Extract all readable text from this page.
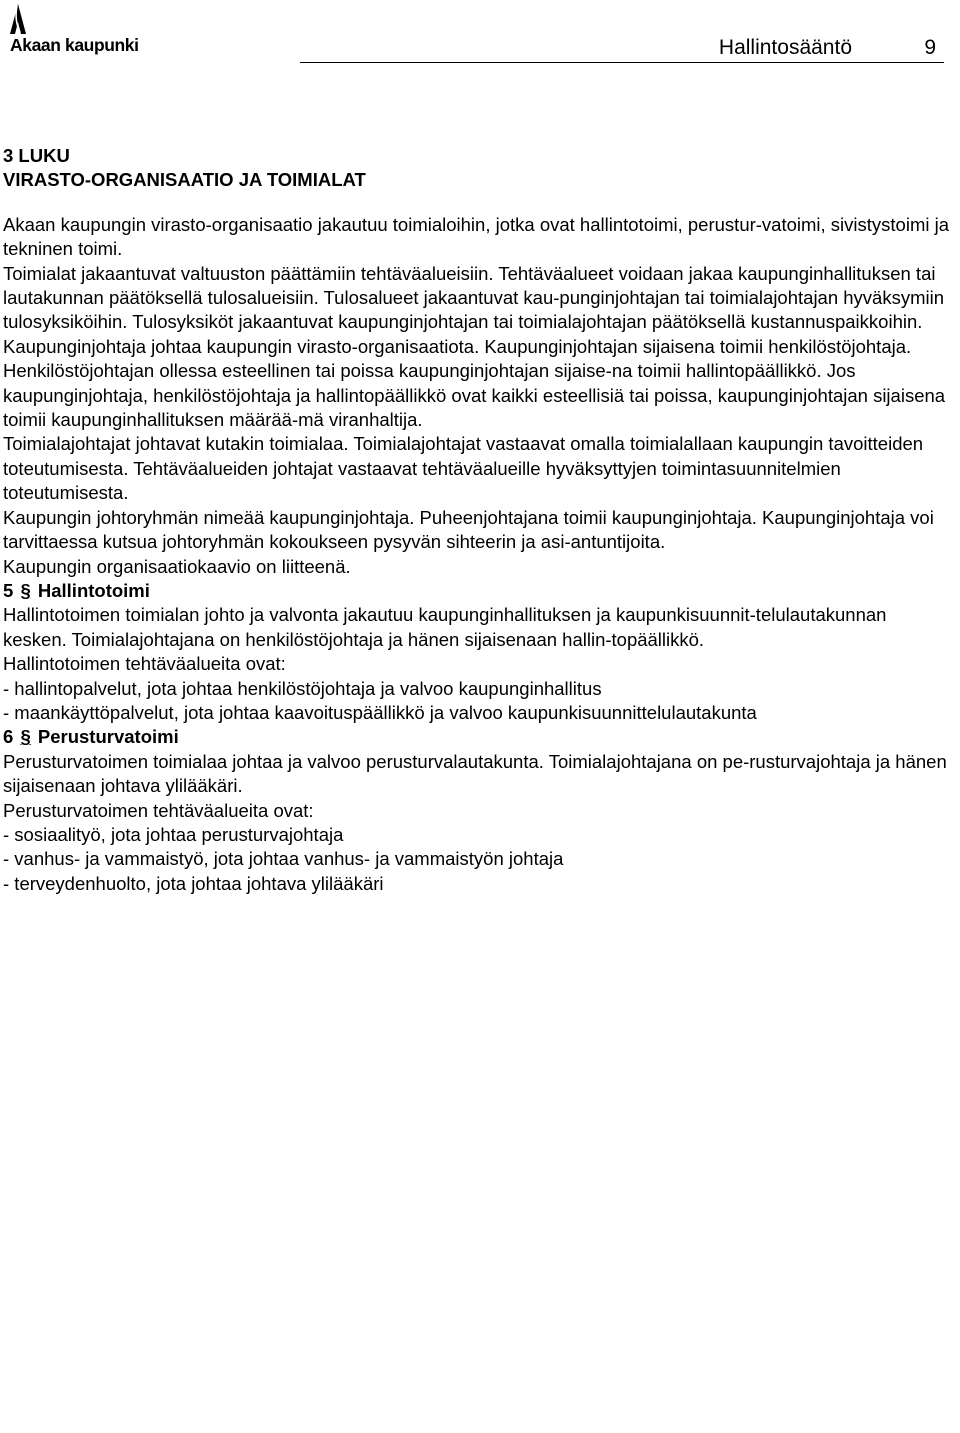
Akaan kaupunki	Hallintosääntö	9

3 LUKU

VIRASTO-ORGANISAATIO JA TOIMIALAT

Akaan kaupungin virasto-organisaatio jakautuu toimialoihin, jotka ovat hallintotoimi, perustur-vatoimi, sivistystoimi ja tekninen toimi.

Toimialat jakaantuvat valtuuston päättämiin tehtäväalueisiin. Tehtäväalueet voidaan jakaa kaupunginhallituksen tai lautakunnan päätöksellä tulosalueisiin. Tulosalueet jakaantuvat kau-punginjohtajan tai toimialajohtajan hyväksymiin tulosyksiköihin. Tulosyksiköt jakaantuvat kaupunginjohtajan tai toimialajohtajan päätöksellä kustannuspaikkoihin.

Kaupunginjohtaja johtaa kaupungin virasto-organisaatiota. Kaupunginjohtajan sijaisena toimii henkilöstöjohtaja. Henkilöstöjohtajan ollessa esteellinen tai poissa kaupunginjohtajan sijaise-na toimii hallintopäällikkö. Jos kaupunginjohtaja, henkilöstöjohtaja ja hallintopäällikkö ovat kaikki esteellisiä tai poissa, kaupunginjohtajan sijaisena toimii kaupunginhallituksen määrää-mä viranhaltija.

Toimialajohtajat johtavat kutakin toimialaa. Toimialajohtajat vastaavat omalla toimialallaan kaupungin tavoitteiden toteutumisesta. Tehtäväalueiden johtajat vastaavat tehtäväalueille hyväksyttyjen toimintasuunnitelmien toteutumisesta.

Kaupungin johtoryhmän nimeää kaupunginjohtaja. Puheenjohtajana toimii kaupunginjohtaja. Kaupunginjohtaja voi tarvittaessa kutsua johtoryhmän kokoukseen pysyvän sihteerin ja asi-antuntijoita.

Kaupungin organisaatiokaavio on liitteenä.

5 § Hallintotoimi

Hallintotoimen toimialan johto ja valvonta jakautuu kaupunginhallituksen ja kaupunkisuunnit-telulautakunnan kesken. Toimialajohtajana on henkilöstöjohtaja ja hänen sijaisenaan hallin-topäällikkö.

Hallintotoimen tehtäväalueita ovat:

- hallintopalvelut, jota johtaa henkilöstöjohtaja ja valvoo kaupunginhallitus

- maankäyttöpalvelut, jota johtaa kaavoituspäällikkö ja valvoo kaupunkisuunnittelulautakunta

6 § Perusturvatoimi

Perusturvatoimen toimialaa johtaa ja valvoo perusturvalautakunta. Toimialajohtajana on pe-rusturvajohtaja ja hänen sijaisenaan johtava ylilääkäri.

Perusturvatoimen tehtäväalueita ovat:

- sosiaalityö, jota johtaa perusturvajohtaja

- vanhus- ja vammaistyö, jota johtaa vanhus- ja vammaistyön johtaja

- terveydenhuolto, jota johtaa johtava ylilääkäri
